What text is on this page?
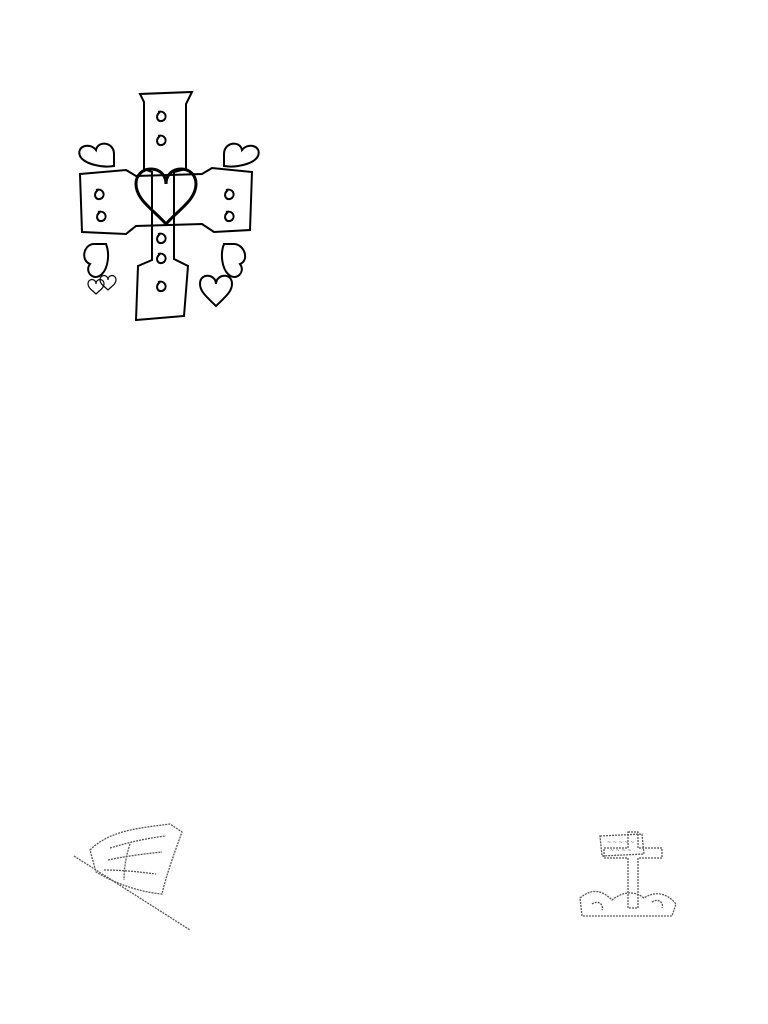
~ ~ ~ ~ ~
~ ~ ~ ~
